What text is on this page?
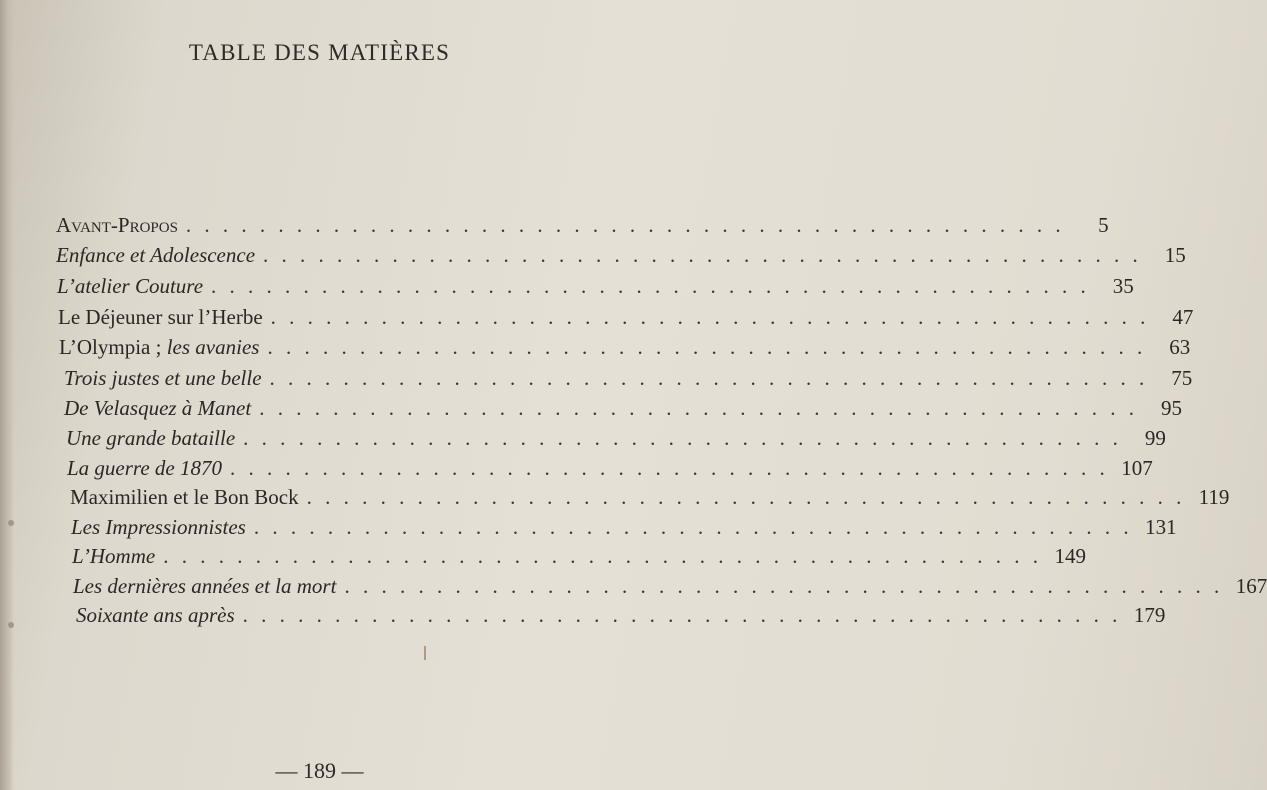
TABLE DES MATIÈRES
Avant-Propos . . . . . . . . . . . . . . . . . . . . . . . . . . . . . . . . . . . . . . . . . . . . . . . .	5
Enfance et Adolescence . . . . . . . . . . . . . . . . . . . . . . . . . . . . . . . . . . . . . . . . . . . . . . . .	15
L’atelier Couture . . . . . . . . . . . . . . . . . . . . . . . . . . . . . . . . . . . . . . . . . . . . . . . .	35
Le Déjeuner sur l’Herbe . . . . . . . . . . . . . . . . . . . . . . . . . . . . . . . . . . . . . . . . . . . . . . . .	47
L’Olympia ; les avanies . . . . . . . . . . . . . . . . . . . . . . . . . . . . . . . . . . . . . . . . . . . . . . . .	63
Trois justes et une belle . . . . . . . . . . . . . . . . . . . . . . . . . . . . . . . . . . . . . . . . . . . . . . . .	75
De Velasquez à Manet . . . . . . . . . . . . . . . . . . . . . . . . . . . . . . . . . . . . . . . . . . . . . . . .	95
Une grande bataille . . . . . . . . . . . . . . . . . . . . . . . . . . . . . . . . . . . . . . . . . . . . . . . .	99
La guerre de 1870 . . . . . . . . . . . . . . . . . . . . . . . . . . . . . . . . . . . . . . . . . . . . . . . . 107
Maximilien et le Bon Bock . . . . . . . . . . . . . . . . . . . . . . . . . . . . . . . . . . . . . . . . . . . . . . . . 119
Les Impressionnistes . . . . . . . . . . . . . . . . . . . . . . . . . . . . . . . . . . . . . . . . . . . . . . . . 131
L’Homme . . . . . . . . . . . . . . . . . . . . . . . . . . . . . . . . . . . . . . . . . . . . . . . . 149
Les dernières années et la mort . . . . . . . . . . . . . . . . . . . . . . . . . . . . . . . . . . . . . . . . . . . . . . . . 167
Soixante ans après . . . . . . . . . . . . . . . . . . . . . . . . . . . . . . . . . . . . . . . . . . . . . . . . 179
— 189 —
